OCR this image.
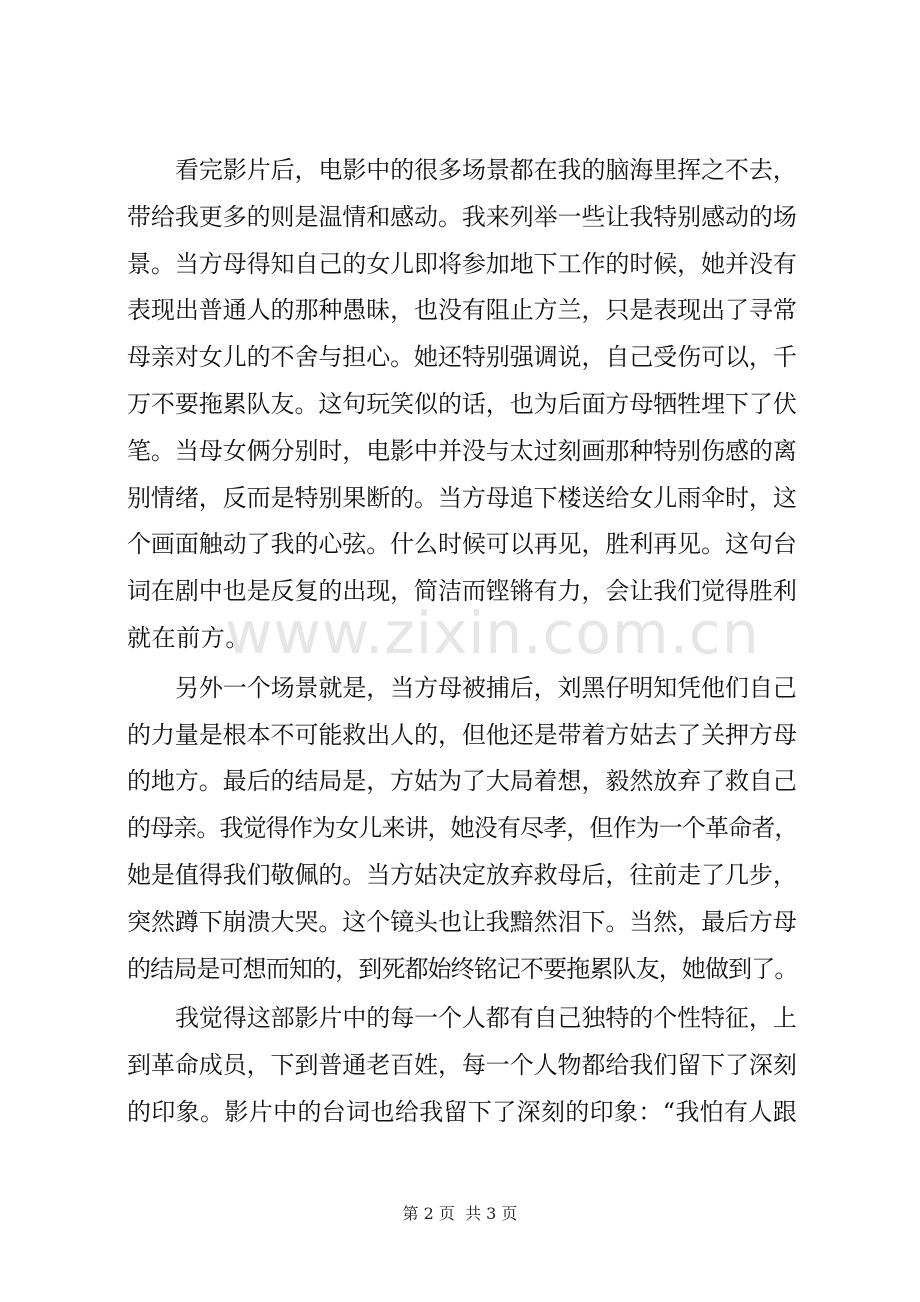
www.zixin.com.cn
看完影片后，电影中的很多场景都在我的脑海里挥之不去，
带给我更多的则是温情和感动。我来列举一些让我特别感动的场
景。当方母得知自己的女儿即将参加地下工作的时候，她并没有
表现出普通人的那种愚昧，也没有阻止方兰，只是表现出了寻常
母亲对女儿的不舍与担心。她还特别强调说，自己受伤可以，千
万不要拖累队友。这句玩笑似的话，也为后面方母牺牲埋下了伏
笔。当母女俩分别时，电影中并没与太过刻画那种特别伤感的离
别情绪，反而是特别果断的。当方母追下楼送给女儿雨伞时，这
个画面触动了我的心弦。什么时候可以再见，胜利再见。这句台
词在剧中也是反复的出现，简洁而铿锵有力，会让我们觉得胜利
就在前方。
另外一个场景就是，当方母被捕后，刘黑仔明知凭他们自己
的力量是根本不可能救出人的，但他还是带着方姑去了关押方母
的地方。最后的结局是，方姑为了大局着想，毅然放弃了救自己
的母亲。我觉得作为女儿来讲，她没有尽孝，但作为一个革命者，
她是值得我们敬佩的。当方姑决定放弃救母后，往前走了几步，
突然蹲下崩溃大哭。这个镜头也让我黯然泪下。当然，最后方母
的结局是可想而知的，到死都始终铭记不要拖累队友，她做到了。
我觉得这部影片中的每一个人都有自己独特的个性特征，上
到革命成员，下到普通老百姓，每一个人物都给我们留下了深刻
的印象。影片中的台词也给我留下了深刻的印象：“我怕有人跟
第 2 页  共 3 页
